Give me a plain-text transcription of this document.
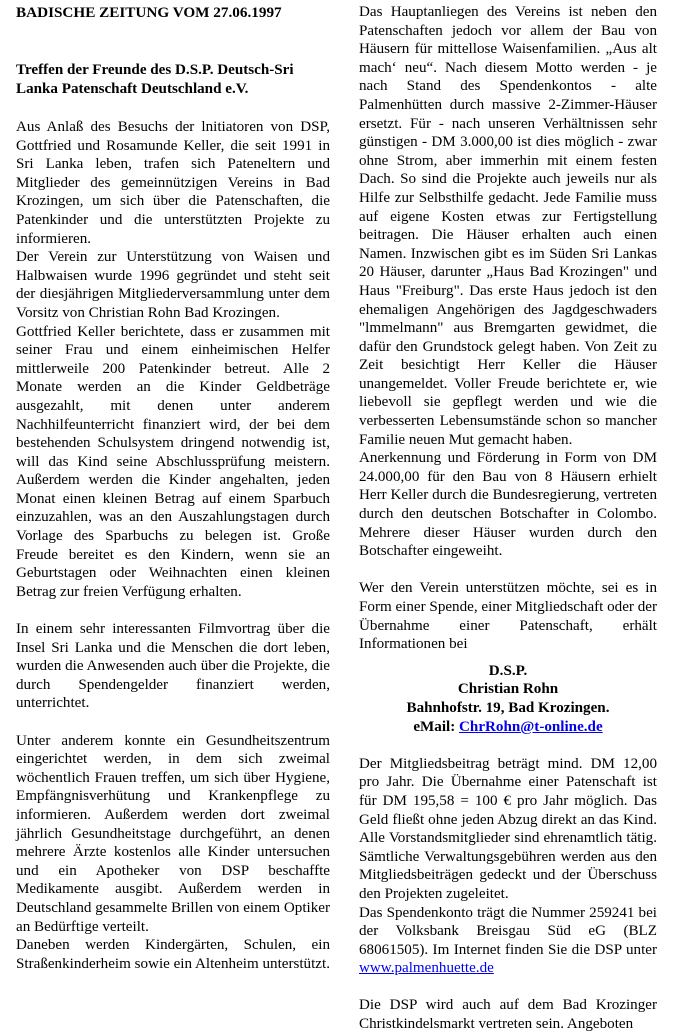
BADISCHE ZEITUNG VOM 27.06.1997
Treffen der Freunde des D.S.P. Deutsch-Sri Lanka Patenschaft Deutschland e.V.

Aus Anlaß des Besuchs der lnitiatoren von DSP, Gottfried und Rosamunde Keller, die seit 1991 in Sri Lanka leben, trafen sich Pateneltern und Mitglieder des gemeinnützigen Vereins in Bad Krozingen, um sich über die Patenschaften, die Patenkinder und die unterstützten Projekte zu informieren.

Der Verein zur Unterstützung von Waisen und Halbwaisen wurde 1996 gegründet und steht seit der diesjährigen Mitgliederversammlung unter dem Vorsitz von Christian Rohn Bad Krozingen.

Gottfried Keller berichtete, dass er zusammen mit seiner Frau und einem einheimischen Helfer mittlerweile 200 Patenkinder betreut. Alle 2 Monate werden an die Kinder Geldbeträge ausgezahlt, mit denen unter anderem Nachhilfeunterricht finanziert wird, der bei dem bestehenden Schulsystem dringend notwendig ist, will das Kind seine Abschlussprüfung meistern. Außerdem werden die Kinder angehalten, jeden Monat einen kleinen Betrag auf einem Sparbuch einzuzahlen, was an den Auszahlungstagen durch Vorlage des Sparbuchs zu belegen ist. Große Freude bereitet es den Kindern, wenn sie an Geburtstagen oder Weihnachten einen kleinen Betrag zur freien Verfügung erhalten.

In einem sehr interessanten Filmvortrag über die Insel Sri Lanka und die Menschen die dort leben, wurden die Anwesenden auch über die Projekte, die durch Spendengelder finanziert werden, unterrichtet.

Unter anderem konnte ein Gesundheitszentrum eingerichtet werden, in dem sich zweimal wöchentlich Frauen treffen, um sich über Hygiene, Empfängnisverhütung und Krankenpflege zu informieren. Außerdem werden dort zweimal jährlich Gesundheitstage durchgeführt, an denen mehrere Ärzte kostenlos alle Kinder untersuchen und ein Apotheker von DSP beschaffte Medikamente ausgibt. Außerdem werden in Deutschland gesammelte Brillen von einem Optiker an Bedürftige verteilt.

Daneben werden Kindergärten, Schulen, ein Straßenkinderheim sowie ein Altenheim unterstützt.

Das Hauptanliegen des Vereins ist neben den Patenschaften jedoch vor allem der Bau von Häusern für mittellose Waisenfamilien. „Aus alt mach‘ neu“. Nach diesem Motto werden - je nach Stand des Spendenkontos - alte Palmenhütten durch massive 2-Zimmer-Häuser ersetzt. Für - nach unseren Verhältnissen sehr günstigen - DM 3.000,00 ist dies möglich - zwar ohne Strom, aber immerhin mit einem festen Dach. So sind die Projekte auch jeweils nur als Hilfe zur Selbsthilfe gedacht. Jede Familie muss auf eigene Kosten etwas zur Fertigstellung beitragen. Die Häuser erhalten auch einen Namen. Inzwischen gibt es im Süden Sri Lankas 20 Häuser, darunter „Haus Bad Krozingen" und Haus "Freiburg". Das erste Haus jedoch ist den ehemaligen Angehörigen des Jagdgeschwaders "lmmelmann" aus Bremgarten gewidmet, die dafür den Grundstock gelegt haben. Von Zeit zu Zeit besichtigt Herr Keller die Häuser unangemeldet. Voller Freude berichtete er, wie liebevoll sie gepflegt werden und wie die verbesserten Lebensumstände schon so mancher Familie neuen Mut gemacht haben.

Anerkennung und Förderung in Form von DM 24.000,00 für den Bau von 8 Häusern erhielt Herr Keller durch die Bundesregierung, vertreten durch den deutschen Botschafter in Colombo. Mehrere dieser Häuser wurden durch den Botschafter eingeweiht.

Wer den Verein unterstützen möchte, sei es in Form einer Spende, einer Mitgliedschaft oder der Übernahme einer Patenschaft, erhält Informationen bei

D.S.P.
Christian Rohn
Bahnhofstr. 19, Bad Krozingen.
eMail: ChrRohn@t-online.de

Der Mitgliedsbeitrag beträgt mind. DM 12,00 pro Jahr. Die Übernahme einer Patenschaft ist für DM 195,58 = 100 € pro Jahr möglich. Das Geld fließt ohne jeden Abzug direkt an das Kind. Alle Vorstandsmitglieder sind ehrenamtlich tätig. Sämtliche Verwaltungsgebühren werden aus den Mitgliedsbeiträgen gedeckt und der Überschuss den Projekten zugeleitet.

Das Spendenkonto trägt die Nummer 259241 bei der Volksbank Breisgau Süd eG (BLZ 68061505). Im Internet finden Sie die DSP unter www.palmenhuette.de

Die DSP wird auch auf dem Bad Krozinger Christkindelsmarkt vertreten sein. Angeboten
